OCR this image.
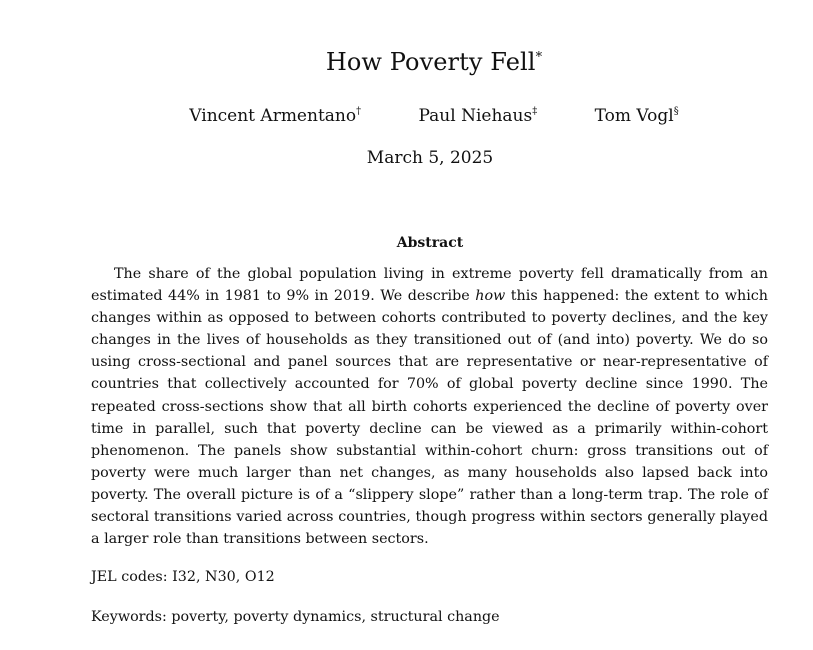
How Poverty Fell*
Vincent Armentano†	Paul Niehaus‡	Tom Vogl§
March 5, 2025
Abstract

The share of the global population living in extreme poverty fell dramatically from an estimated 44% in 1981 to 9% in 2019. We describe how this happened: the extent to which changes within as opposed to between cohorts contributed to poverty declines, and the key changes in the lives of households as they transitioned out of (and into) poverty. We do so using cross-sectional and panel sources that are representative or near-representative of countries that collectively accounted for 70% of global poverty decline since 1990. The repeated cross-sections show that all birth cohorts experienced the decline of poverty over time in parallel, such that poverty decline can be viewed as a primarily within-cohort phenomenon. The panels show substantial within-cohort churn: gross transitions out of poverty were much larger than net changes, as many households also lapsed back into poverty. The overall picture is of a “slippery slope” rather than a long-term trap. The role of sectoral transitions varied across countries, though progress within sectors generally played a larger role than transitions between sectors.

JEL codes: I32, N30, O12
Keywords: poverty, poverty dynamics, structural change
